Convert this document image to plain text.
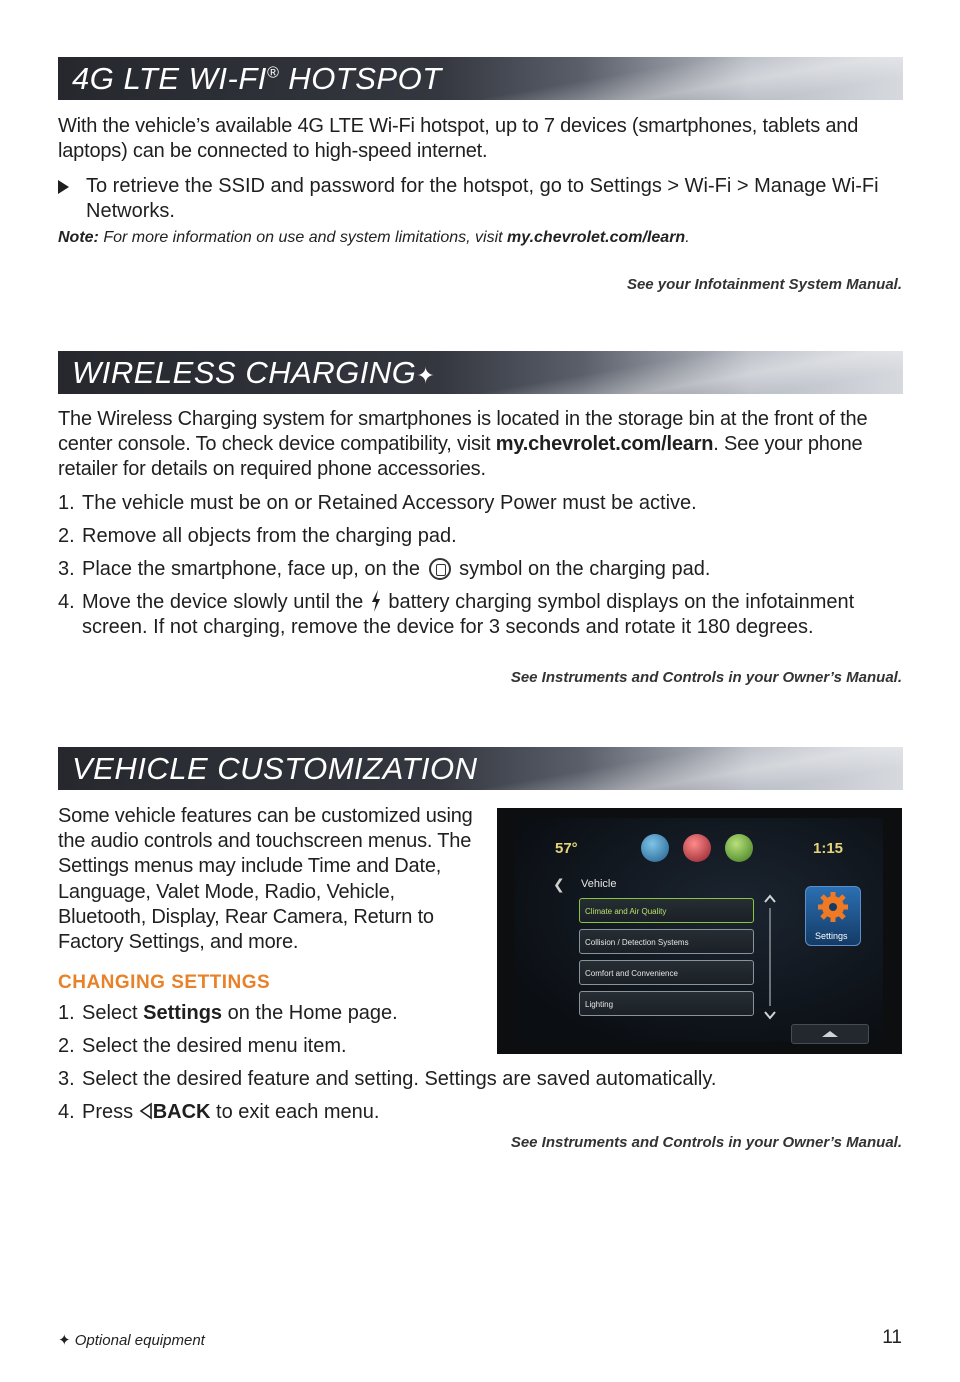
4G LTE WI-FI® HOTSPOT

With the vehicle’s available 4G LTE Wi-Fi hotspot, up to 7 devices (smartphones, tablets and laptops) can be connected to high-speed internet.

To retrieve the SSID and password for the hotspot, go to Settings > Wi-Fi > Manage Wi-Fi Networks.
Note: For more information on use and system limitations, visit my.chevrolet.com/learn.
See your Infotainment System Manual.
WIRELESS CHARGING✦

The Wireless Charging system for smartphones is located in the storage bin at the front of the center console. To check device compatibility, visit my.chevrolet.com/learn. See your phone retailer for details on required phone accessories.

1. The vehicle must be on or Retained Accessory Power must be active.
2. Remove all objects from the charging pad.
3. Place the smartphone, face up, on the  symbol on the charging pad.
4. Move the device slowly until the  battery charging symbol displays on the infotainment screen. If not charging, remove the device for 3 seconds and rotate it 180 degrees.
See Instruments and Controls in your Owner’s Manual.
VEHICLE CUSTOMIZATION

Some vehicle features can be customized using the audio controls and touchscreen menus. The Settings menus may include Time and Date, Language, Valet Mode, Radio, Vehicle, Bluetooth, Display, Rear Camera, Return to Factory Settings, and more.

CHANGING SETTINGS
1. Select Settings on the Home page.
2. Select the desired menu item.
3. Select the desired feature and setting. Settings are saved automatically.
4. Press BACK to exit each menu.
See Instruments and Controls in your Owner’s Manual.
57°	1:15
❮ Vehicle
Climate and Air Quality
Collision / Detection Systems
Comfort and Convenience
Lighting
Settings
✦ Optional equipment	11
